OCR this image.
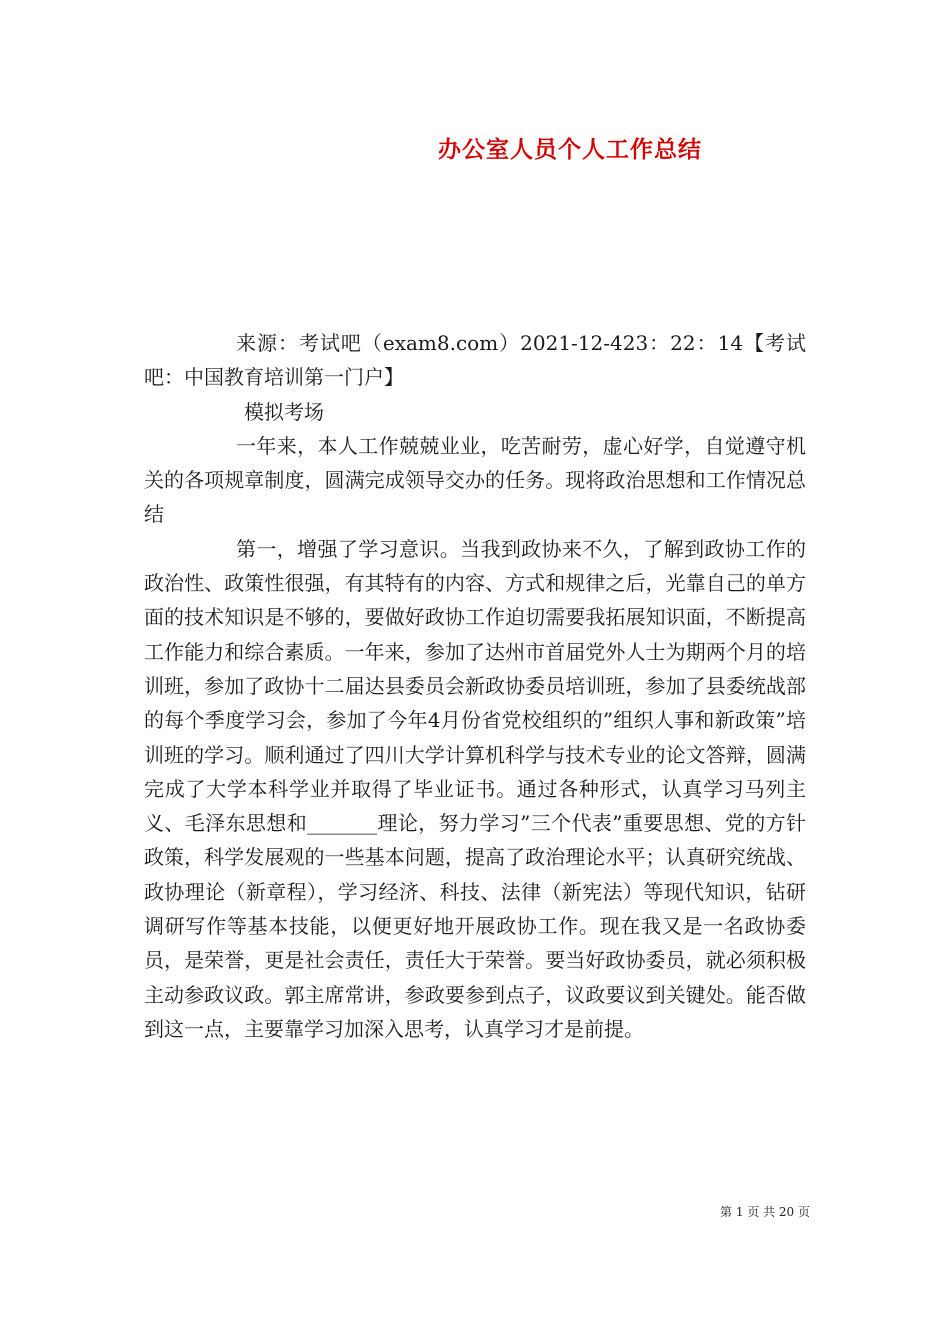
办公室人员个人工作总结

来源：考试吧（exam8.com）2021-12-423：22：14【考试吧：中国教育培训第一门户】

模拟考场

一年来，本人工作兢兢业业，吃苦耐劳，虚心好学，自觉遵守机关的各项规章制度，圆满完成领导交办的任务。现将政治思想和工作情况总结

第一，增强了学习意识。当我到政协来不久，了解到政协工作的政治性、政策性很强，有其特有的内容、方式和规律之后，光靠自己的单方面的技术知识是不够的，要做好政协工作迫切需要我拓展知识面，不断提高工作能力和综合素质。一年来，参加了达州市首届党外人士为期两个月的培训班，参加了政协十二届达县委员会新政协委员培训班，参加了县委统战部的每个季度学习会，参加了今年4月份省党校组织的”组织人事和新政策”培训班的学习。顺利通过了四川大学计算机科学与技术专业的论文答辩，圆满完成了大学本科学业并取得了毕业证书。通过各种形式，认真学习马列主义、毛泽东思想和_______理论，努力学习”三个代表”重要思想、党的方针政策，科学发展观的一些基本问题，提高了政治理论水平；认真研究统战、政协理论（新章程），学习经济、科技、法律（新宪法）等现代知识，钻研调研写作等基本技能，以便更好地开展政协工作。现在我又是一名政协委员，是荣誉，更是社会责任，责任大于荣誉。要当好政协委员，就必须积极主动参政议政。郭主席常讲，参政要参到点子，议政要议到关键处。能否做到这一点，主要靠学习加深入思考，认真学习才是前提。

第 1 页 共 20 页
